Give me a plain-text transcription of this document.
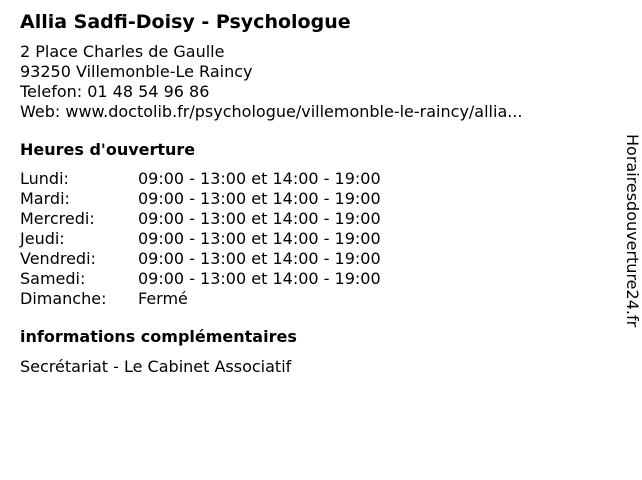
Allia Sadfi-Doisy - Psychologue
2 Place Charles de Gaulle
93250 Villemonble-Le Raincy
Telefon: 01 48 54 96 86
Web: www.doctolib.fr/psychologue/villemonble-le-raincy/allia...
Heures d'ouverture
Lundi:	09:00 - 13:00 et 14:00 - 19:00
Mardi:	09:00 - 13:00 et 14:00 - 19:00
Mercredi:	09:00 - 13:00 et 14:00 - 19:00
Jeudi:	09:00 - 13:00 et 14:00 - 19:00
Vendredi:	09:00 - 13:00 et 14:00 - 19:00
Samedi:	09:00 - 13:00 et 14:00 - 19:00
Dimanche:	Fermé
informations complémentaires
Secrétariat - Le Cabinet Associatif
Horairesdouverture24.fr
